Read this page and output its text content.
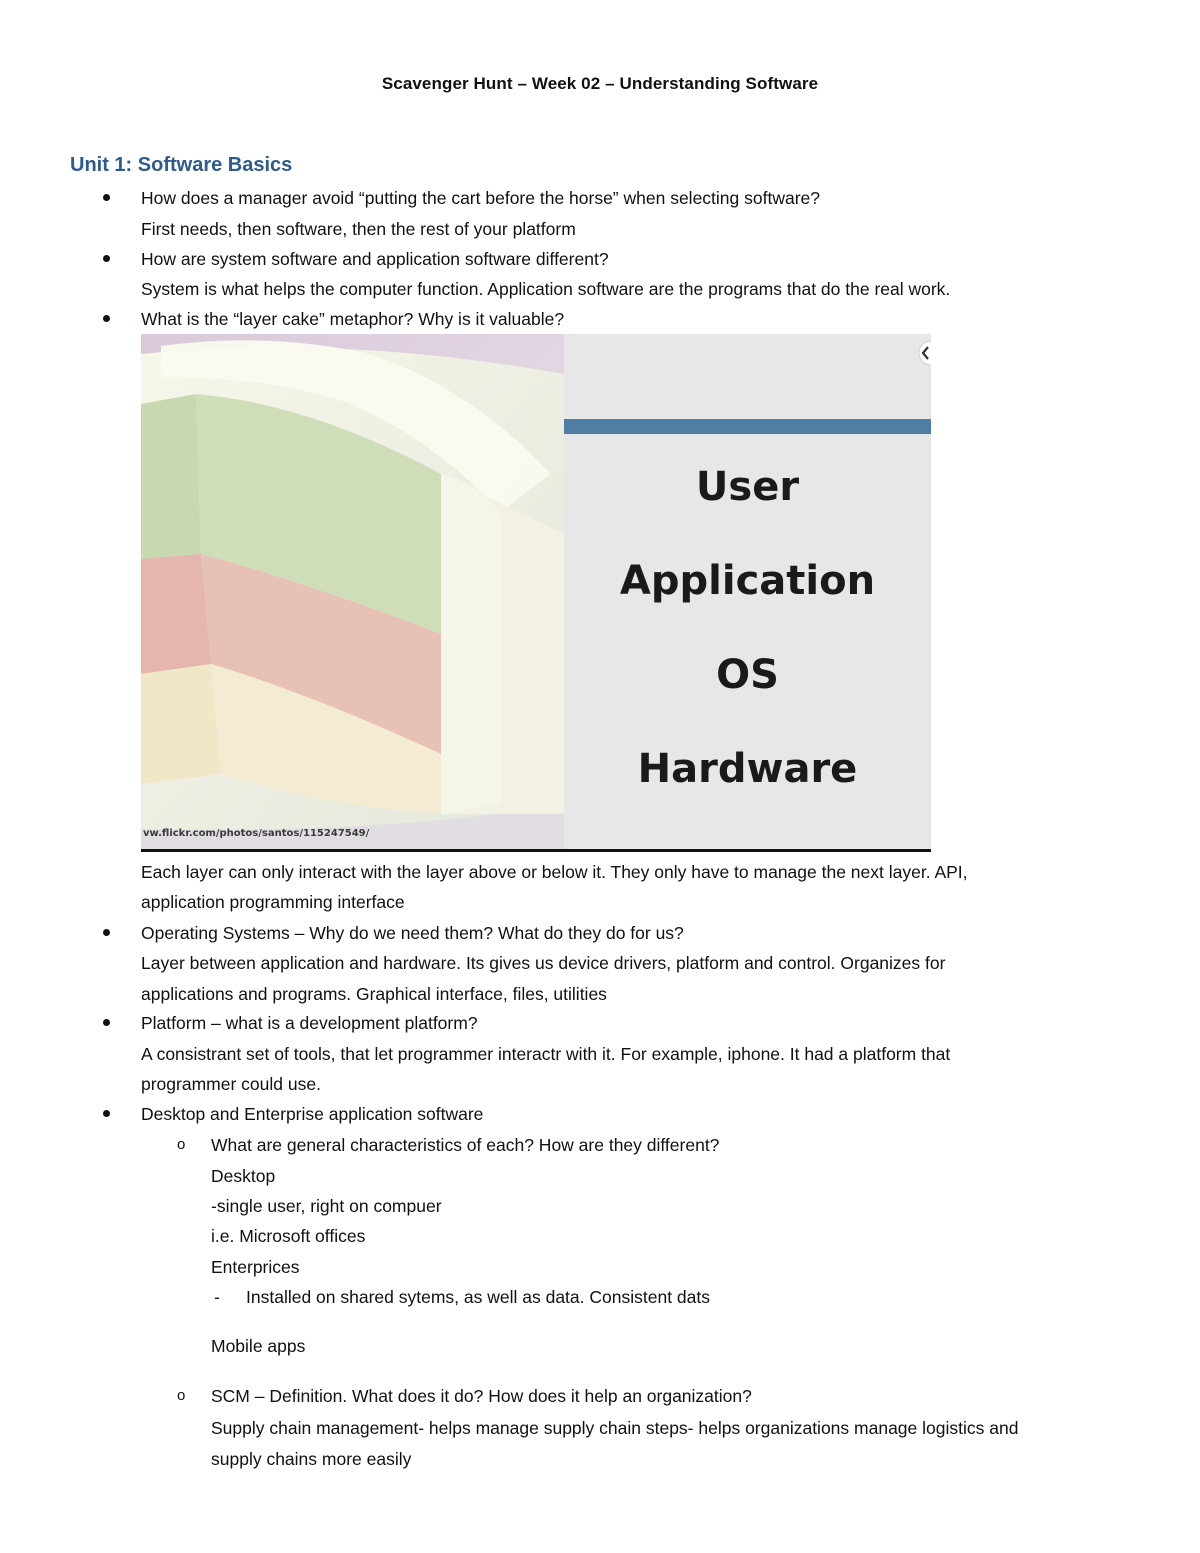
Scavenger Hunt – Week 02 – Understanding Software
Unit 1: Software Basics
How does a manager avoid “putting the cart before the horse” when selecting software?
First needs, then software, then the rest of your platform
How are system software and application software different?
System is what helps the computer function. Application software are the programs that do the real work.
What is the “layer cake” metaphor? Why is it valuable?
vw.flickr.com/photos/santos/115247549/
User
Application
OS
Hardware
Each layer can only interact with the layer above or below it. They only have to manage the next layer. API,
application programming interface
Operating Systems – Why do we need them? What do they do for us?
Layer between application and hardware. Its gives us device drivers, platform and control. Organizes for
applications and programs. Graphical interface, files, utilities
Platform – what is a development platform?
A consistrant set of tools, that let programmer interactr with it. For example, iphone. It had a platform that
programmer could use.
Desktop and Enterprise application software
o What are general characteristics of each? How are they different?
Desktop
-single user, right on compuer
i.e. Microsoft offices
Enterprices
- Installed on shared sytems, as well as data. Consistent dats
Mobile apps
o SCM – Definition. What does it do? How does it help an organization?
Supply chain management- helps manage supply chain steps- helps organizations manage logistics and
supply chains more easily
